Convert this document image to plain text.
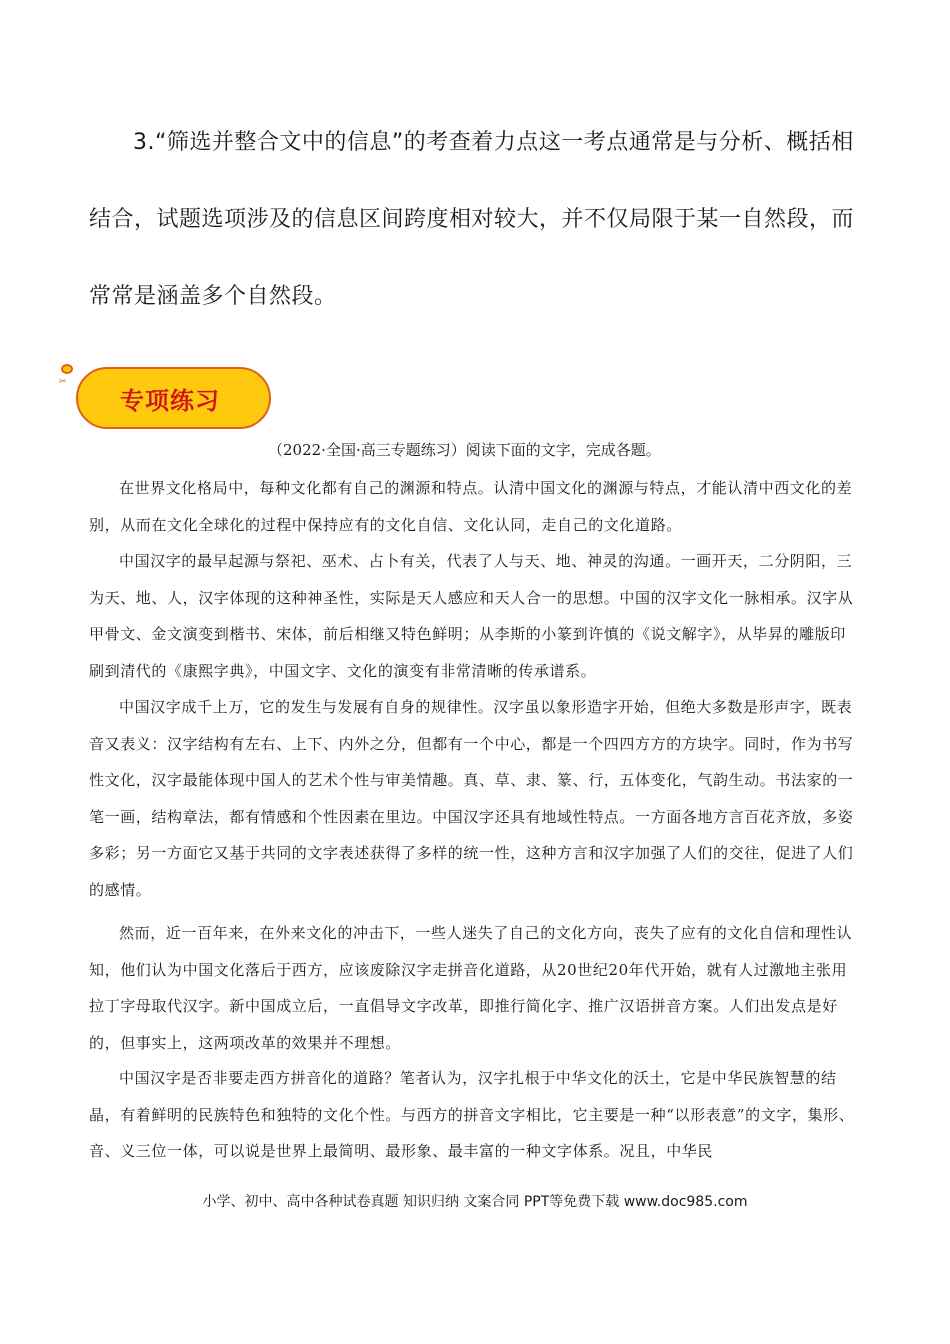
3.“筛选并整合文中的信息”的考查着力点这一考点通常是与分析、概括相结合，试题选项涉及的信息区间跨度相对较大，并不仅局限于某一自然段，而常常是涵盖多个自然段。

✂
专项练习

（2022·全国·高三专题练习）阅读下面的文字，完成各题。

在世界文化格局中，每种文化都有自己的渊源和特点。认清中国文化的渊源与特点，才能认清中西文化的差别，从而在文化全球化的过程中保持应有的文化自信、文化认同，走自己的文化道路。

中国汉字的最早起源与祭祀、巫术、占卜有关，代表了人与天、地、神灵的沟通。一画开天，二分阴阳，三为天、地、人，汉字体现的这种神圣性，实际是天人感应和天人合一的思想。中国的汉字文化一脉相承。汉字从甲骨文、金文演变到楷书、宋体，前后相继又特色鲜明；从李斯的小篆到许慎的《说文解字》，从毕昇的雕版印刷到清代的《康熙字典》，中国文字、文化的演变有非常清晰的传承谱系。

中国汉字成千上万，它的发生与发展有自身的规律性。汉字虽以象形造字开始，但绝大多数是形声字，既表音又表义：汉字结构有左右、上下、内外之分，但都有一个中心，都是一个四四方方的方块字。同时，作为书写性文化，汉字最能体现中国人的艺术个性与审美情趣。真、草、隶、篆、行，五体变化，气韵生动。书法家的一笔一画，结构章法，都有情感和个性因素在里边。中国汉字还具有地域性特点。一方面各地方言百花齐放，多姿多彩；另一方面它又基于共同的文字表述获得了多样的统一性，这种方言和汉字加强了人们的交往，促进了人们的感情。

然而，近一百年来，在外来文化的冲击下，一些人迷失了自己的文化方向，丧失了应有的文化自信和理性认知，他们认为中国文化落后于西方，应该废除汉字走拼音化道路，从20世纪20年代开始，就有人过激地主张用拉丁字母取代汉字。新中国成立后，一直倡导文字改革，即推行简化字、推广汉语拼音方案。人们出发点是好的，但事实上，这两项改革的效果并不理想。

中国汉字是否非要走西方拼音化的道路？笔者认为，汉字扎根于中华文化的沃土，它是中华民族智慧的结晶，有着鲜明的民族特色和独特的文化个性。与西方的拼音文字相比，它主要是一种“以形表意”的文字，集形、音、义三位一体，可以说是世界上最简明、最形象、最丰富的一种文字体系。况且，中华民

小学、初中、高中各种试卷真题 知识归纳 文案合同 PPT等免费下载 www.doc985.com
